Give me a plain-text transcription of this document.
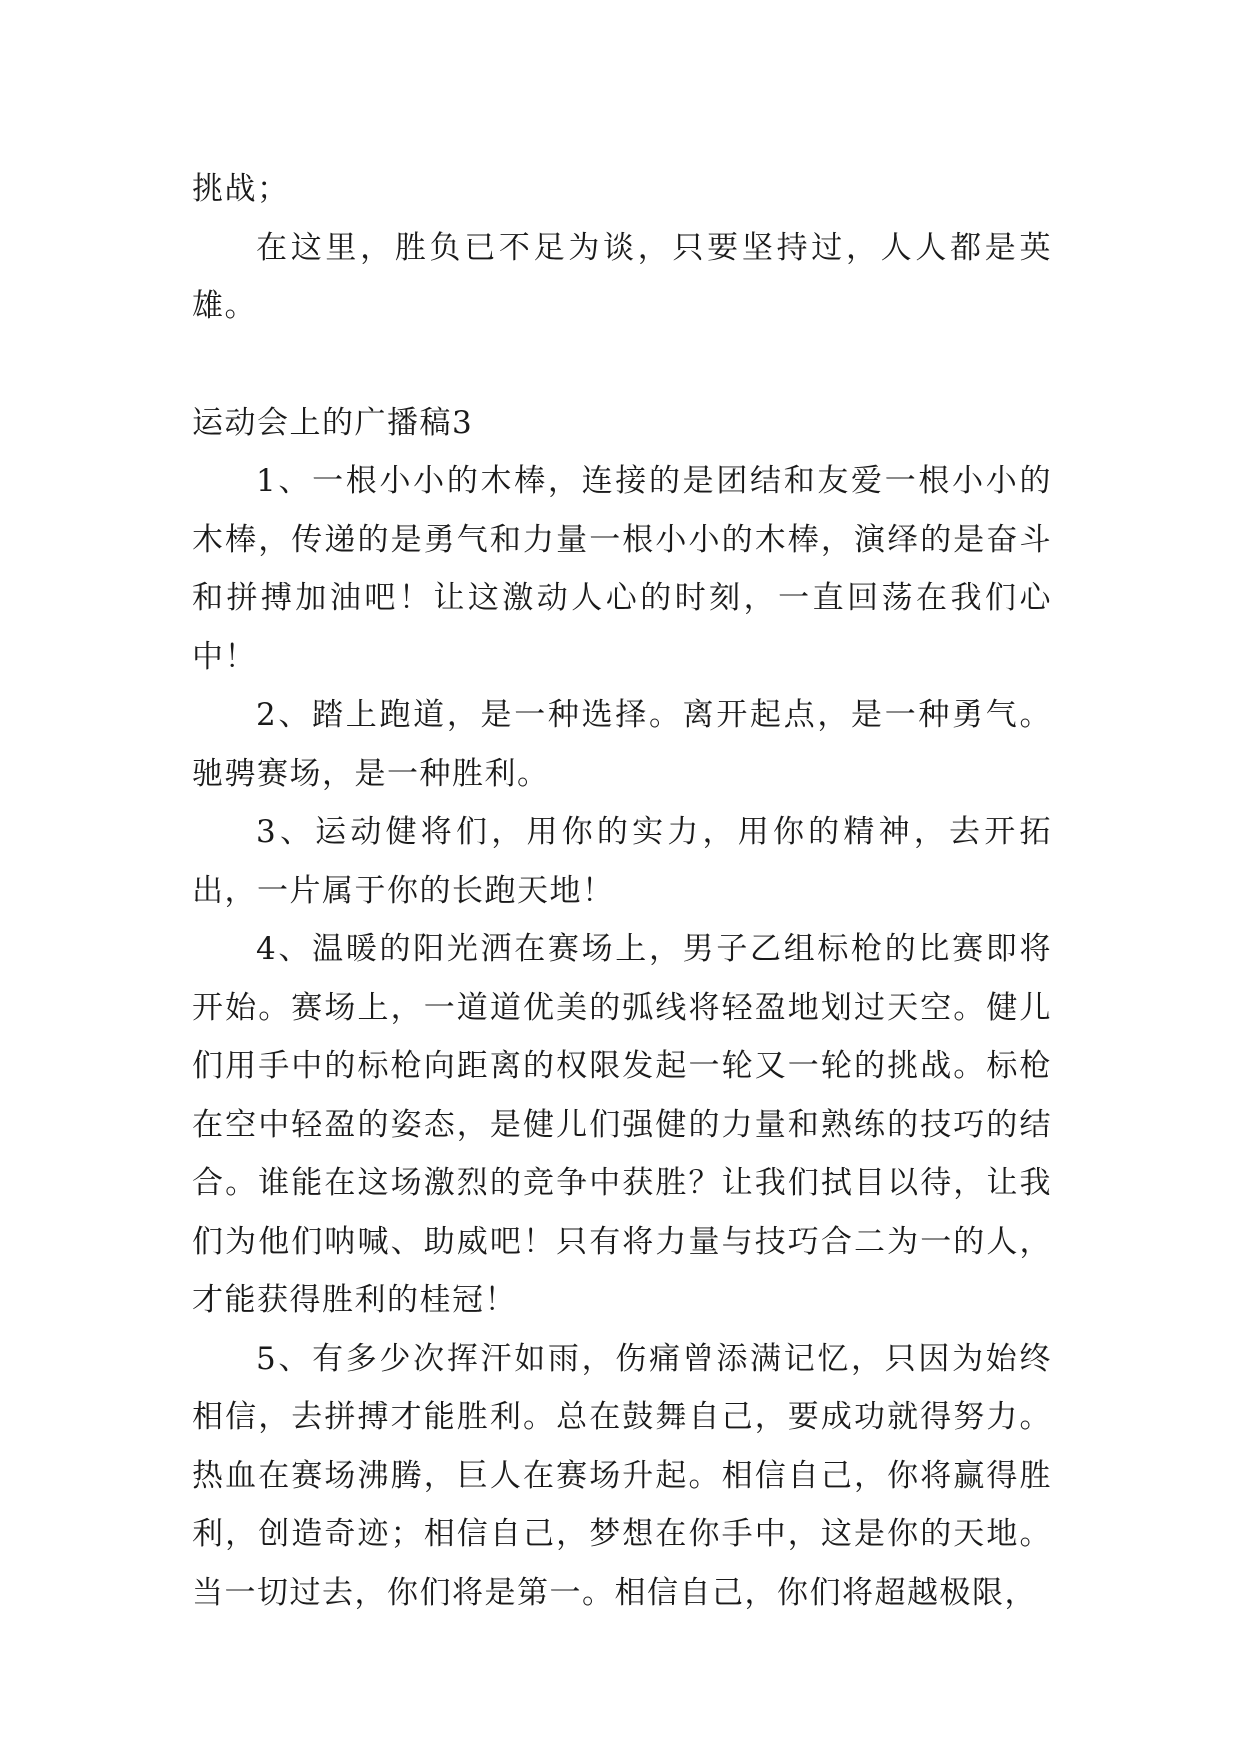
挑战；

在这里，胜负已不足为谈，只要坚持过，人人都是英雄。

运动会上的广播稿3

1、一根小小的木棒，连接的是团结和友爱一根小小的木棒，传递的是勇气和力量一根小小的木棒，演绎的是奋斗和拼搏加油吧！让这激动人心的时刻，一直回荡在我们心中！

2、踏上跑道，是一种选择。离开起点，是一种勇气。驰骋赛场，是一种胜利。

3、运动健将们，用你的实力，用你的精神，去开拓出，一片属于你的长跑天地！

4、温暖的阳光洒在赛场上，男子乙组标枪的比赛即将开始。赛场上，一道道优美的弧线将轻盈地划过天空。健儿们用手中的标枪向距离的权限发起一轮又一轮的挑战。标枪在空中轻盈的姿态，是健儿们强健的力量和熟练的技巧的结合。谁能在这场激烈的竞争中获胜？让我们拭目以待，让我们为他们呐喊、助威吧！只有将力量与技巧合二为一的人，才能获得胜利的桂冠！

5、有多少次挥汗如雨，伤痛曾添满记忆，只因为始终相信，去拼搏才能胜利。总在鼓舞自己，要成功就得努力。热血在赛场沸腾，巨人在赛场升起。相信自己，你将赢得胜利，创造奇迹；相信自己，梦想在你手中，这是你的天地。当一切过去，你们将是第一。相信自己，你们将超越极限，
